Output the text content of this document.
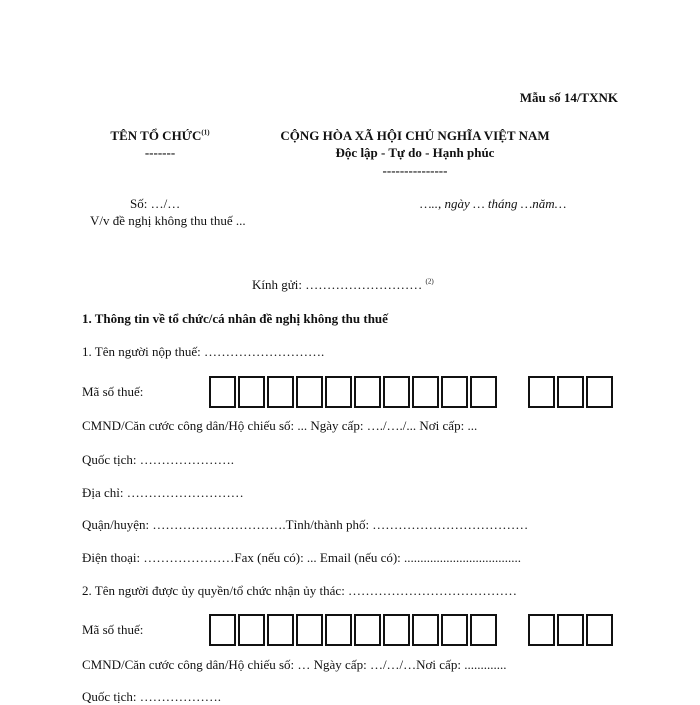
Mẫu số 14/TXNK
TÊN TỔ CHỨC$^{(1)}$
-------
CỘNG HÒA XÃ HỘI CHỦ NGHĨA VIỆT NAM
Độc lập - Tự do - Hạnh phúc
---------------
Số: …/…
V/v đề nghị không thu thuế ...
….., ngày … tháng …năm…
Kính gửi: ……………………… $^{(2)}$
1. Thông tin về tổ chức/cá nhân đề nghị không thu thuế
1. Tên người nộp thuế: ……………………….
Mã số thuế:
CMND/Căn cước công dân/Hộ chiếu số: ... Ngày cấp: …./…./... Nơi cấp: ...
Quốc tịch: ………………….
Địa chỉ: ………………………
Quận/huyện: ………………………….Tỉnh/thành phố: ………………………………
Điện thoại: …………………Fax (nếu có): ... Email (nếu có): ....................................
2. Tên người được ủy quyền/tổ chức nhận ủy thác: …………………………………
Mã số thuế:
CMND/Căn cước công dân/Hộ chiếu số: … Ngày cấp: …/…/…Nơi cấp: .............
Quốc tịch: ……………….
